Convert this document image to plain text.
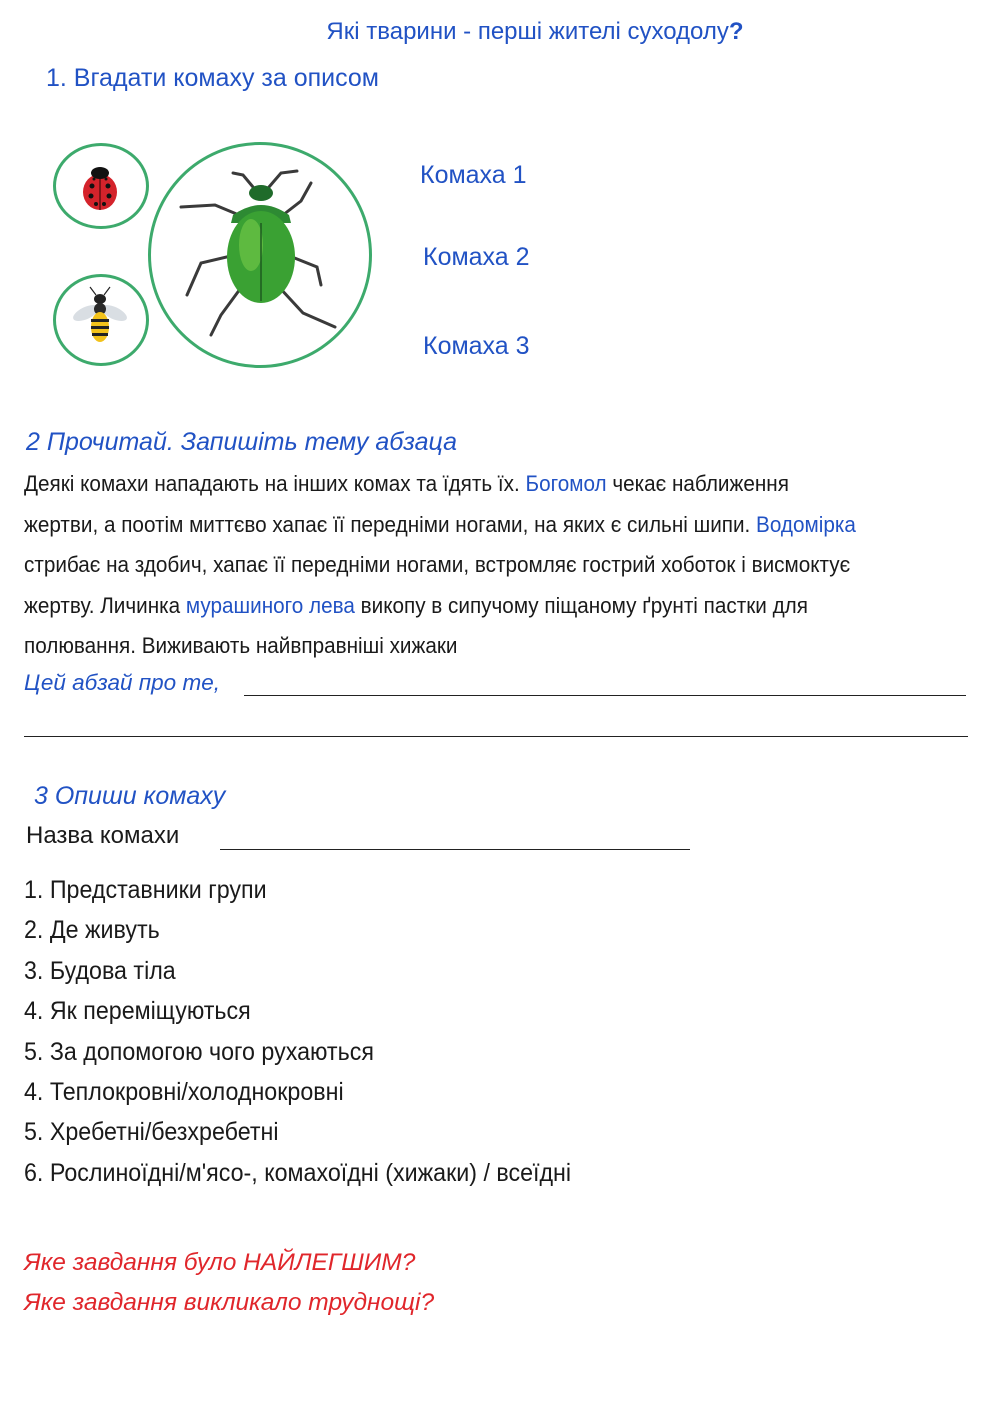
Які тварини - перші жителі суходолу?
1. Вгадати комаху за описом
Комаха 1
Комаха 2
Комаха 3
2 Прочитай. Запишіть тему абзаца
Деякі комахи нападають на інших комах та їдять їх. Богомол чекає наближення
жертви, а поотім миттєво хапає її передніми ногами, на яких є сильні шипи. Водомірка
стрибає на здобич, хапає її передніми ногами, встромляє гострий хоботок і висмоктує
жертву. Личинка мурашиного лева викопу в сипучому піщаному ґрунті пастки для
полювання. Виживають найвправніші хижаки
Цей абзай про те,
3 Опиши комаху
Назва комахи
1. Представники групи
2. Де живуть
3. Будова тіла
4. Як переміщуються
5. За допомогою чого рухаються
4. Теплокровні/холоднокровні
5. Хребетні/безхребетні
6. Рослиноїдні/м'ясо-, комахоїдні (хижаки) / всеїдні
Яке завдання було НАЙЛЕГШИМ?
Яке завдання викликало труднощі?
